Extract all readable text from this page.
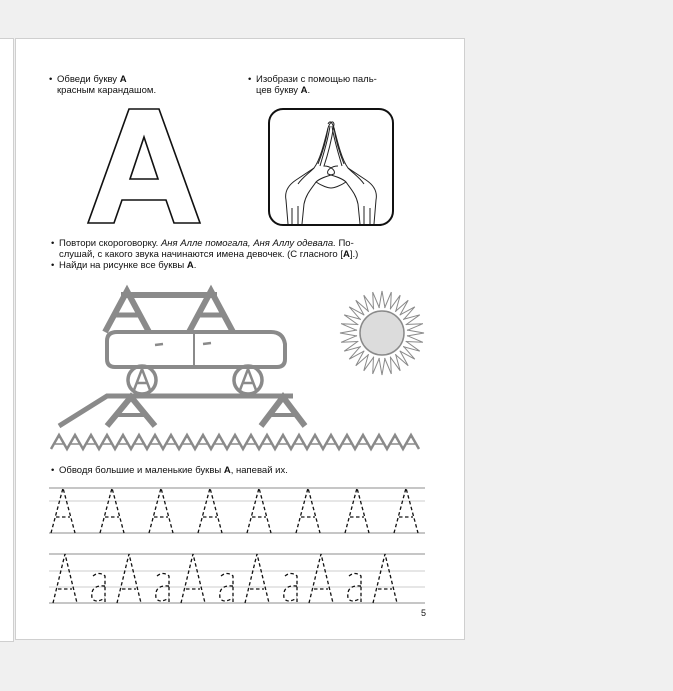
• Обведи букву А
красным карандашом.
• Изобрази с помощью паль-
цев букву А.
• Повтори скороговорку. Аня Алле помогала, Аня Аллу одевала. По-
слушай, с какого звука начинаются имена девочек. (С гласного [А].)
• Найди на рисунке все буквы А.
• Обводя большие и маленькие буквы А, напевай их.
5
